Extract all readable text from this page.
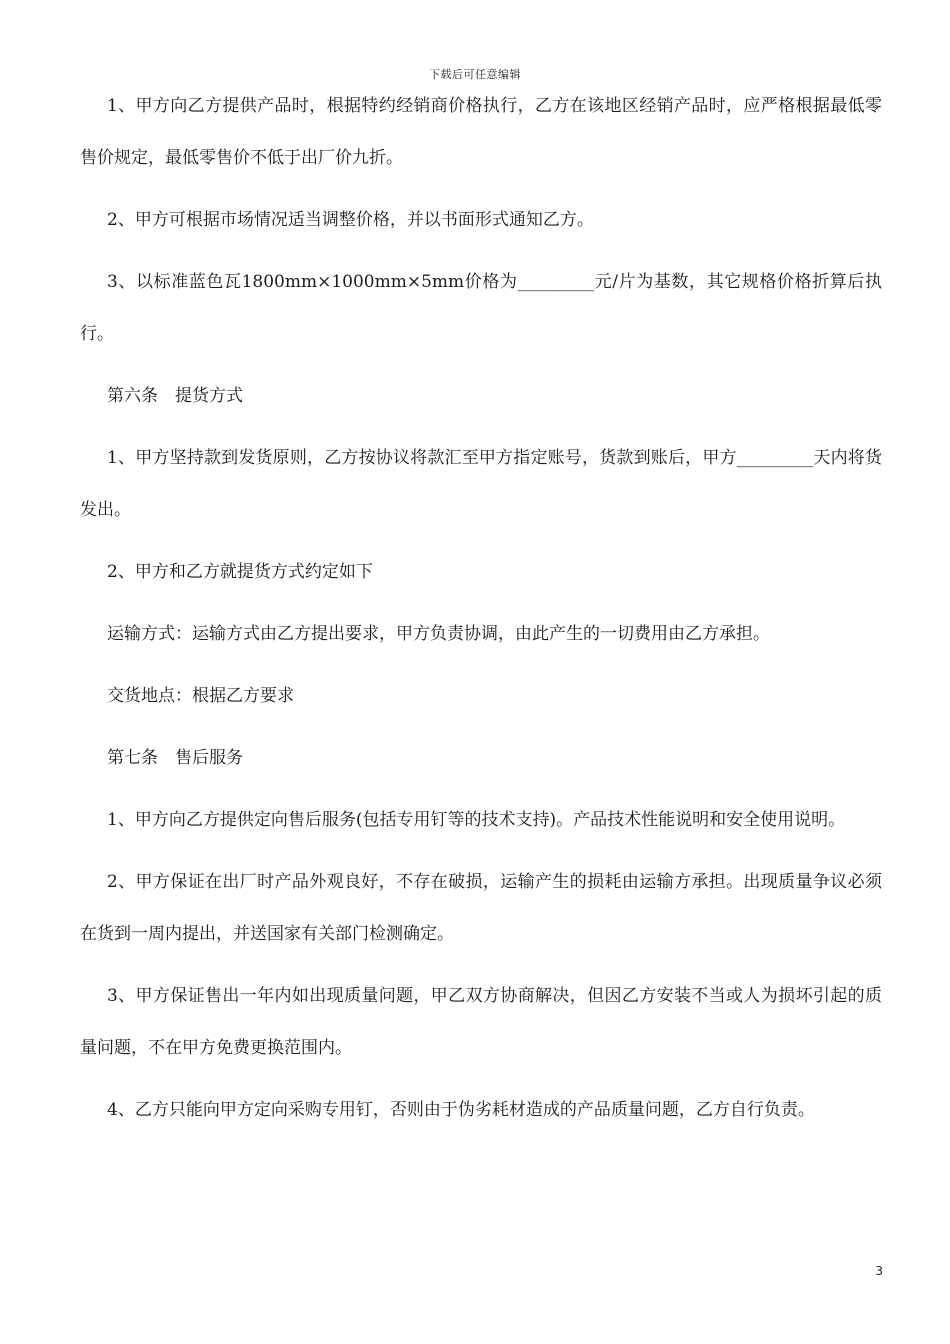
下载后可任意编辑

1、甲方向乙方提供产品时，根据特约经销商价格执行，乙方在该地区经销产品时，应严格根据最低零售价规定，最低零售价不低于出厂价九折。

2、甲方可根据市场情况适当调整价格，并以书面形式通知乙方。

3、以标准蓝色瓦1800mm×1000mm×5mm价格为_________元/片为基数，其它规格价格折算后执行。

第六条　提货方式

1、甲方坚持款到发货原则，乙方按协议将款汇至甲方指定账号，货款到账后，甲方_________天内将货发出。

2、甲方和乙方就提货方式约定如下

运输方式：运输方式由乙方提出要求，甲方负责协调，由此产生的一切费用由乙方承担。

交货地点：根据乙方要求

第七条　售后服务

1、甲方向乙方提供定向售后服务(包括专用钉等的技术支持)。产品技术性能说明和安全使用说明。

2、甲方保证在出厂时产品外观良好，不存在破损，运输产生的损耗由运输方承担。出现质量争议必须在货到一周内提出，并送国家有关部门检测确定。

3、甲方保证售出一年内如出现质量问题，甲乙双方协商解决，但因乙方安装不当或人为损坏引起的质量问题，不在甲方免费更换范围内。

4、乙方只能向甲方定向采购专用钉，否则由于伪劣耗材造成的产品质量问题，乙方自行负责。

3
